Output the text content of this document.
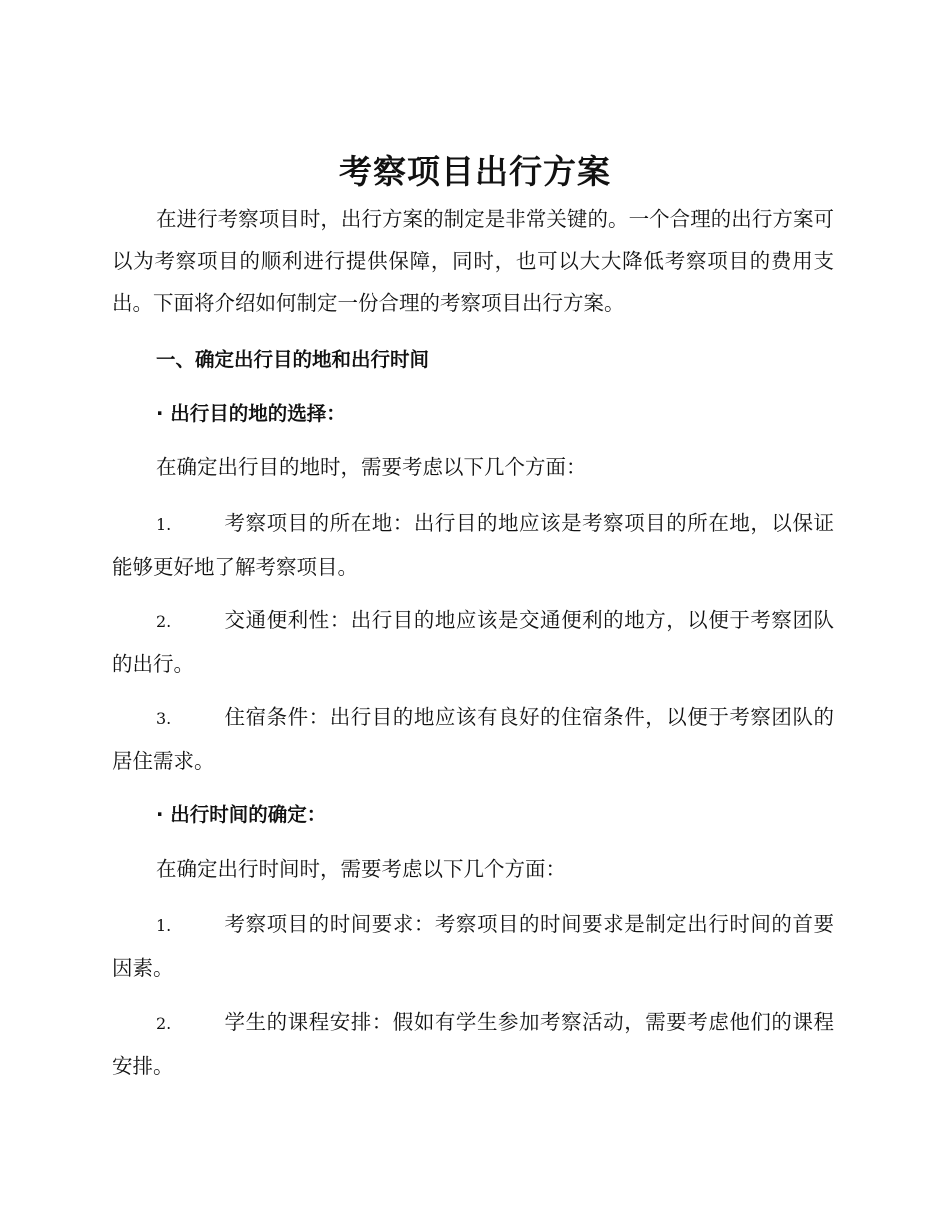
考察项目出行方案

在进行考察项目时，出行方案的制定是非常关键的。一个合理的出行方案可以为考察项目的顺利进行提供保障，同时，也可以大大降低考察项目的费用支出。下面将介绍如何制定一份合理的考察项目出行方案。

一、确定出行目的地和出行时间
· 出行目的地的选择：
在确定出行目的地时，需要考虑以下几个方面：

1.	考察项目的所在地：出行目的地应该是考察项目的所在地，以保证能够更好地了解考察项目。

2.	交通便利性：出行目的地应该是交通便利的地方，以便于考察团队的出行。

3.	住宿条件：出行目的地应该有良好的住宿条件，以便于考察团队的居住需求。

· 出行时间的确定：
在确定出行时间时，需要考虑以下几个方面：

1.	考察项目的时间要求：考察项目的时间要求是制定出行时间的首要因素。

2.	学生的课程安排：假如有学生参加考察活动，需要考虑他们的课程安排。
